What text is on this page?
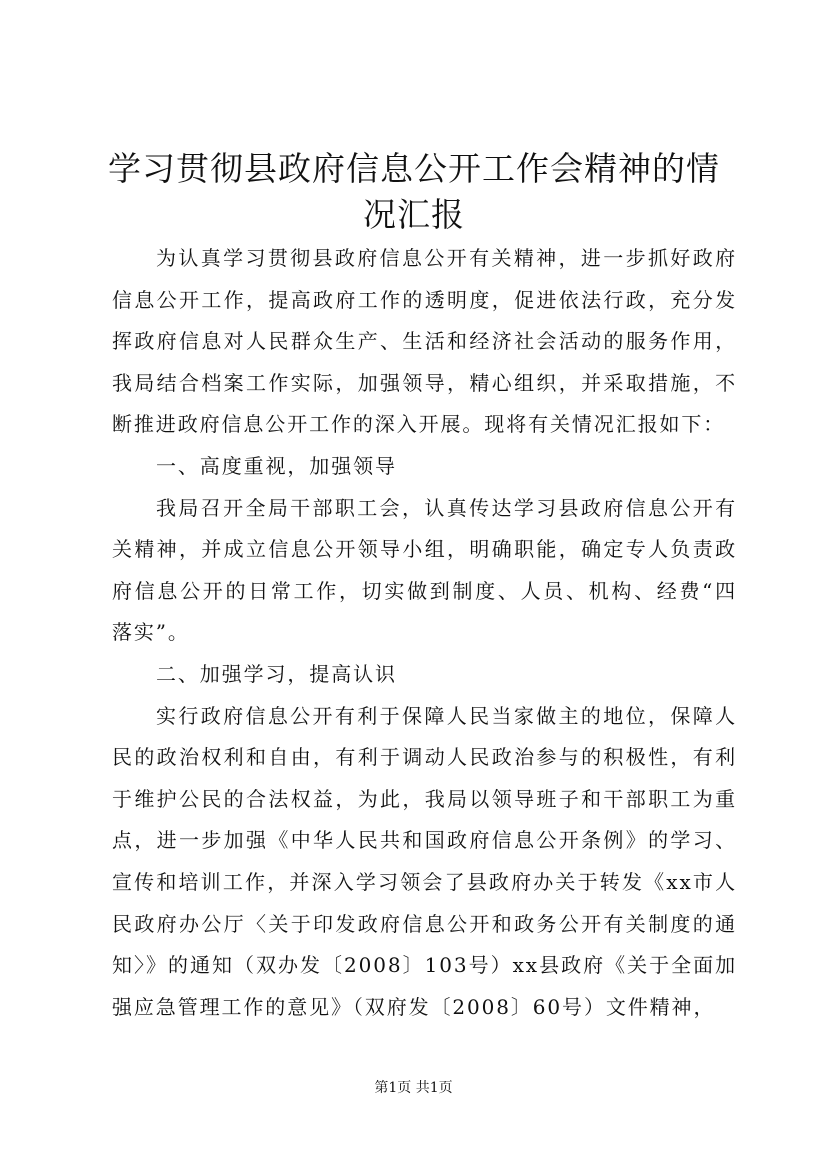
学习贯彻县政府信息公开工作会精神的情况汇报

为认真学习贯彻县政府信息公开有关精神，进一步抓好政府信息公开工作，提高政府工作的透明度，促进依法行政，充分发挥政府信息对人民群众生产、生活和经济社会活动的服务作用，我局结合档案工作实际，加强领导，精心组织，并采取措施，不断推进政府信息公开工作的深入开展。现将有关情况汇报如下：

一、高度重视，加强领导

我局召开全局干部职工会，认真传达学习县政府信息公开有关精神，并成立信息公开领导小组，明确职能，确定专人负责政府信息公开的日常工作，切实做到制度、人员、机构、经费“四落实”。

二、加强学习，提高认识

实行政府信息公开有利于保障人民当家做主的地位，保障人民的政治权利和自由，有利于调动人民政治参与的积极性，有利于维护公民的合法权益，为此，我局以领导班子和干部职工为重点，进一步加强《中华人民共和国政府信息公开条例》的学习、宣传和培训工作，并深入学习领会了县政府办关于转发《xx市人民政府办公厅〈关于印发政府信息公开和政务公开有关制度的通知〉》的通知（双办发〔2008〕103号）xx县政府《关于全面加强应急管理工作的意见》（双府发〔2008〕60号）文件精神，

第1页 共1页
